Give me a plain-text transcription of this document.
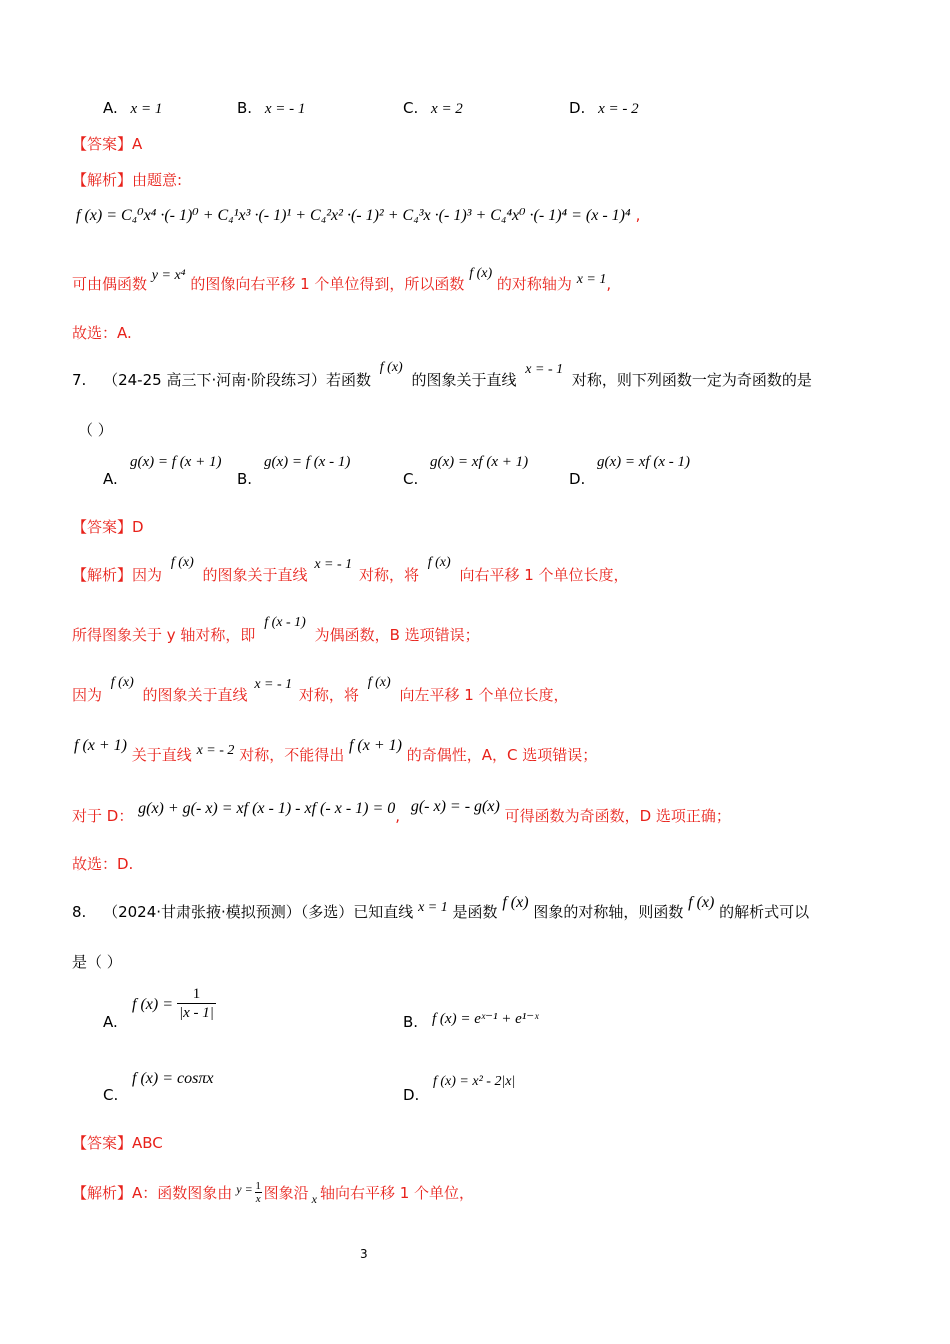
A. x = 1	B. x = - 1	C. x = 2	D. x = - 2
【答案】A
【解析】由题意:
f (x) = C₄⁰x⁴ ·(- 1)⁰ + C₄¹x³ ·(- 1)¹ + C₄²x² ·(- 1)² + C₄³x ·(- 1)³ + C₄⁴x⁰ ·(- 1)⁴ = (x - 1)⁴ ,
可由偶函数 y = x⁴ 的图像向右平移 1 个单位得到，所以函数 f (x) 的对称轴为 x = 1,
故选：A.
7. （24-25 高三下·河南·阶段练习）若函数 f (x) 的图象关于直线 x = - 1 对称，则下列函数一定为奇函数的是
（ ）
A.
g(x) = f (x + 1)
B.
g(x) = f (x - 1)
C.
g(x) = xf (x + 1)
D.
g(x) = xf (x - 1)
【答案】D
【解析】因为 f (x) 的图象关于直线 x = - 1 对称，将 f (x) 向右平移 1 个单位长度，
所得图象关于 y 轴对称，即 f (x - 1) 为偶函数，B 选项错误；
因为 f (x) 的图象关于直线 x = - 1 对称，将 f (x) 向左平移 1 个单位长度，
f (x + 1) 关于直线 x = - 2 对称，不能得出 f (x + 1) 的奇偶性，A，C 选项错误；
对于 D： g(x) + g(- x) = xf (x - 1) - xf (- x - 1) = 0, g(- x) = - g(x) 可得函数为奇函数，D 选项正确；
故选：D.
8. （2024·甘肃张掖·模拟预测）（多选）已知直线 x = 1 是函数 f (x) 图象的对称轴，则函数 f (x) 的解析式可以
是（ ）
A.
f $(x) = \frac{1}{|x - 1|}$	B. f (x) = eˣ⁻¹ + e¹⁻ˣ
C.
f (x) = cosπx
D.
f (x) = x² - 2|x|
【答案】ABC
【解析】 A：函数图象由 $y = \frac{1}{x}$ 图象沿 x 轴向右平移 1 个单位，
3
